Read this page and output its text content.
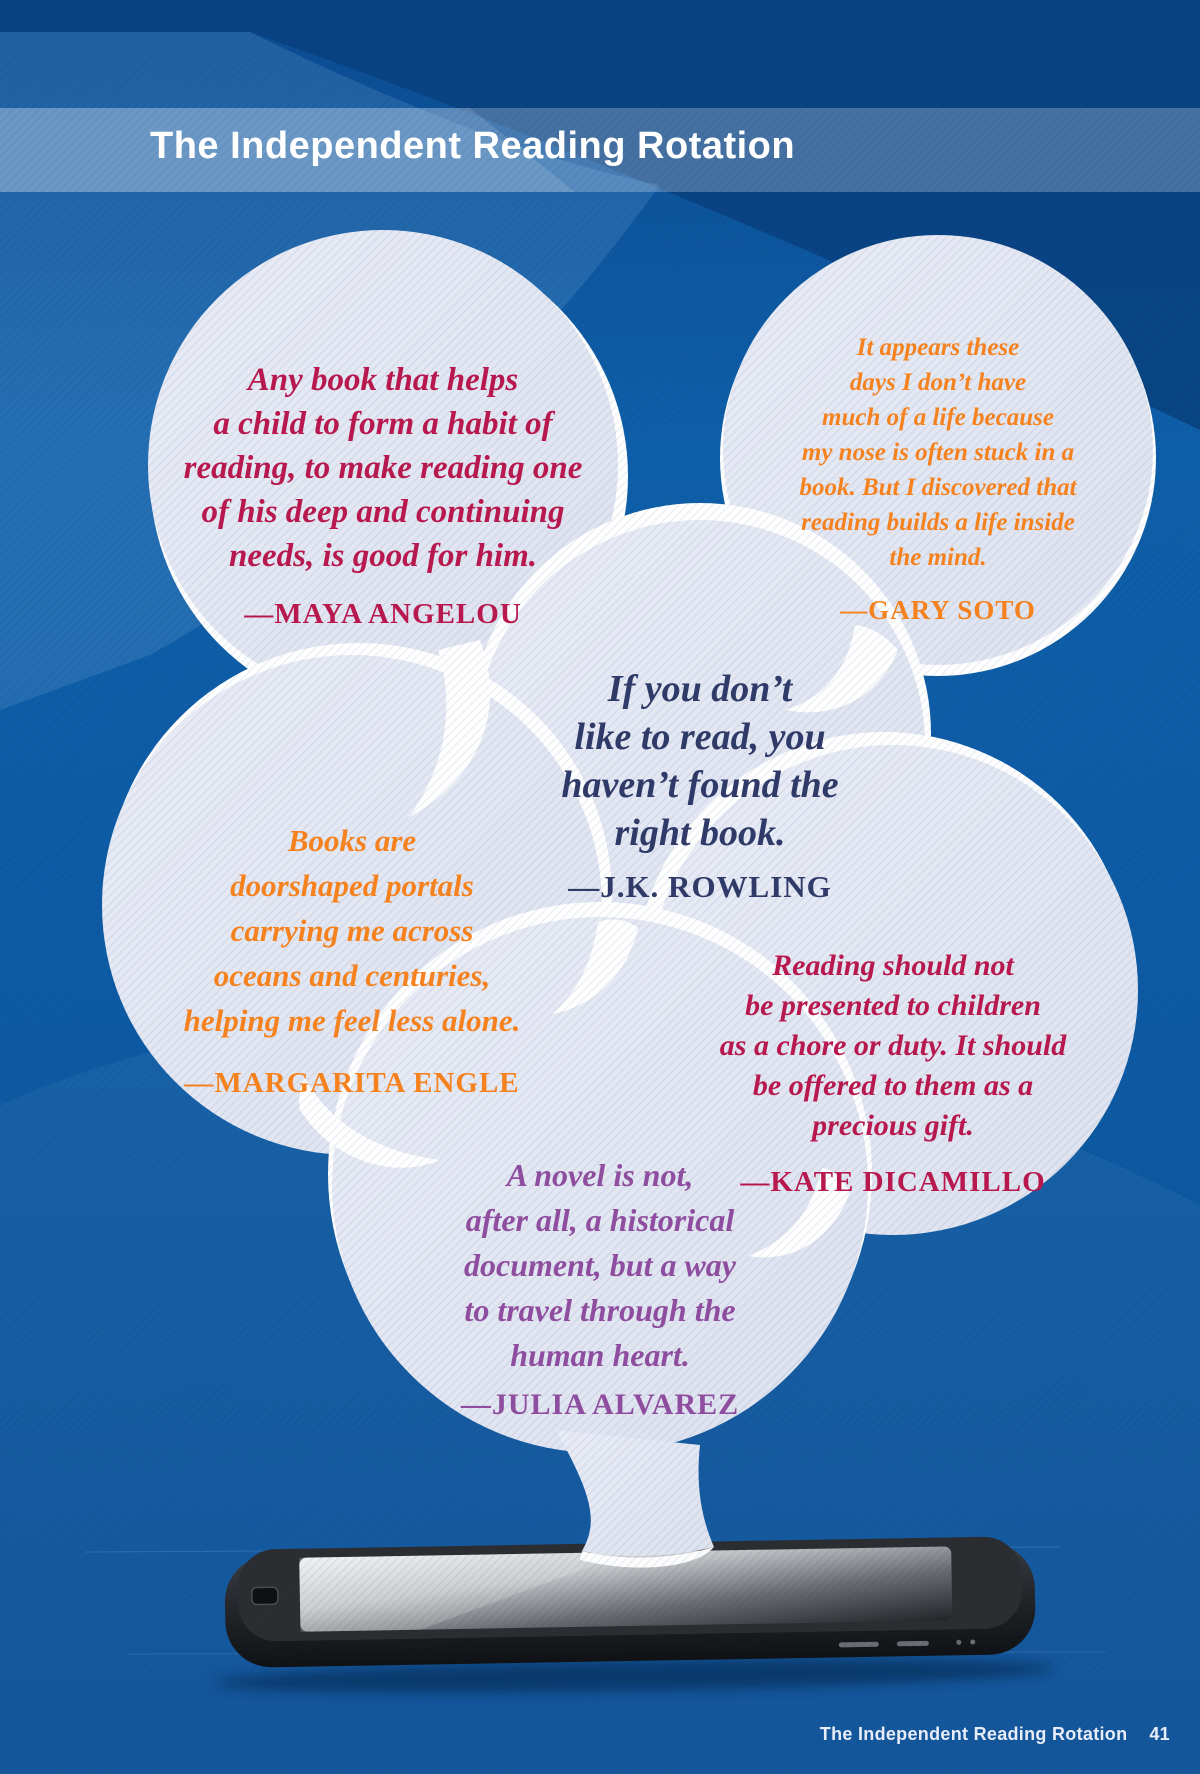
The Independent Reading Rotation
Any book that helps
a child to form a habit of
reading, to make reading one
of his deep and continuing
needs, is good for him.
—MAYA ANGELOU
It appears these
days I don’t have
much of a life because
my nose is often stuck in a
book. But I discovered that
reading builds a life inside
the mind.
—GARY SOTO
If you don’t
like to read, you
haven’t found the
right book.
—J.K. ROWLING
Books are
doorshaped portals
carrying me across
oceans and centuries,
helping me feel less alone.
—MARGARITA ENGLE
Reading should not
be presented to children
as a chore or duty. It should
be offered to them as a
precious gift.
—KATE DICAMILLO
A novel is not,
after all, a historical
document, but a way
to travel through the
human heart.
—JULIA ALVAREZ
The Independent Reading Rotation 41
